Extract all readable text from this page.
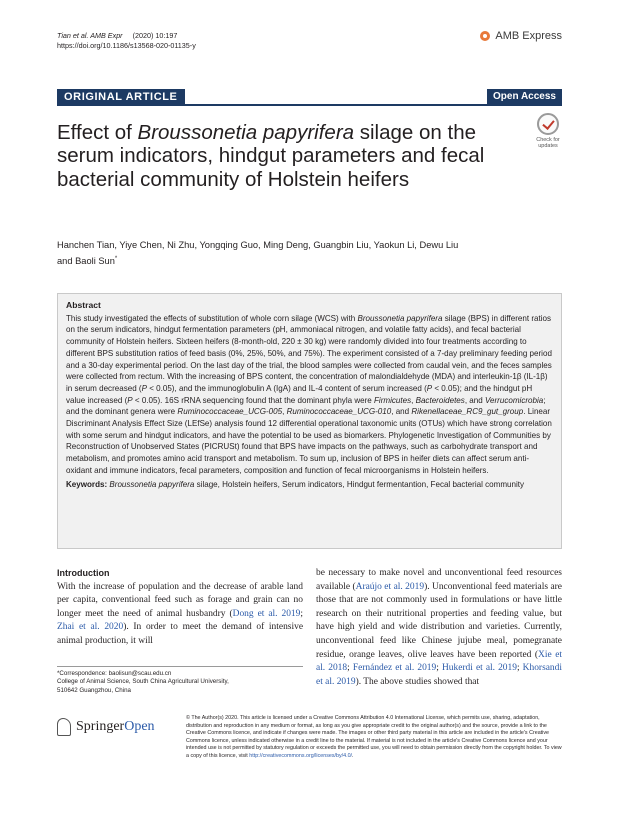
Tian et al. AMB Expr (2020) 10:197
https://doi.org/10.1186/s13568-020-01135-y
AMB Express
ORIGINAL ARTICLE	Open Access
Effect of Broussonetia papyrifera silage on the serum indicators, hindgut parameters and fecal bacterial community of Holstein heifers
Check for
updates
Hanchen Tian, Yiye Chen, Ni Zhu, Yongqing Guo, Ming Deng, Guangbin Liu, Yaokun Li, Dewu Liu
and Baoli Sun*
Abstract
This study investigated the effects of substitution of whole corn silage (WCS) with Broussonetia papyrifera silage (BPS) in different ratios on the serum indicators, hindgut fermentation parameters (pH, ammoniacal nitrogen, and volatile fatty acids), and fecal bacterial community of Holstein heifers. Sixteen heifers (8-month-old, 220 ± 30 kg) were randomly divided into four treatments according to different BPS substitution ratios of feed basis (0%, 25%, 50%, and 75%). The experiment consisted of a 7-day preliminary feeding period and a 30-day experimental period. On the last day of the trial, the blood samples were collected from caudal vein, and the feces samples were collected from rectum. With the increasing of BPS content, the concentration of malondialdehyde (MDA) and interleukin-1β (IL-1β) in serum decreased (P < 0.05), and the immunoglobulin A (IgA) and IL-4 content of serum increased (P < 0.05); and the hindgut pH value increased (P < 0.05). 16S rRNA sequencing found that the dominant phyla were Firmicutes, Bacteroidetes, and Verrucomicrobia; and the dominant genera were Ruminococcaceae_UCG-005, Ruminococcaceae_UCG-010, and Rikenellaceae_RC9_gut_group. Linear Discriminant Analysis Effect Size (LEfSe) analysis found 12 differential operational taxonomic units (OTUs) which have strong correlation with some serum and hindgut indicators, and have the potential to be used as biomarkers. Phylogenetic Investigation of Communities by Reconstruction of Unobserved States (PICRUSt) found that BPS have impacts on the pathways, such as carbohydrate transport and metabolism, and promotes amino acid transport and metabolism. To sum up, inclusion of BPS in heifer diets can affect serum anti-oxidant and immune indicators, fecal parameters, composition and function of fecal microorganisms in Holstein heifers.
Keywords: Broussonetia papyrifera silage, Holstein heifers, Serum indicators, Hindgut fermentantion, Fecal bacterial community
Introduction
With the increase of population and the decrease of arable land per capita, conventional feed such as forage and grain can no longer meet the need of animal husbandry (Dong et al. 2019; Zhai et al. 2020). In order to meet the demand of intensive animal production, it will
be necessary to make novel and unconventional feed resources available (Araújo et al. 2019). Unconventional feed materials are those that are not commonly used in formulations or have little research on their nutritional properties and feeding value, but have high yield and wide distribution and varieties. Currently, unconventional feed like Chinese jujube meal, pomegranate residue, orange leaves, olive leaves have been reported (Xie et al. 2018; Fernández et al. 2019; Hukerdi et al. 2019; Khorsandi et al. 2019). The above studies showed that
*Correspondence: baolisun@scau.edu.cn
College of Animal Science, South China Agricultural University,
510642 Guangzhou, China
SpringerOpen
© The Author(s) 2020. This article is licensed under a Creative Commons Attribution 4.0 International License, which permits use, sharing, adaptation, distribution and reproduction in any medium or format, as long as you give appropriate credit to the original author(s) and the source, provide a link to the Creative Commons licence, and indicate if changes were made. The images or other third party material in this article are included in the article's Creative Commons licence, unless indicated otherwise in a credit line to the material. If material is not included in the article's Creative Commons licence and your intended use is not permitted by statutory regulation or exceeds the permitted use, you will need to obtain permission directly from the copyright holder. To view a copy of this licence, visit http://creativecommons.org/licenses/by/4.0/.
